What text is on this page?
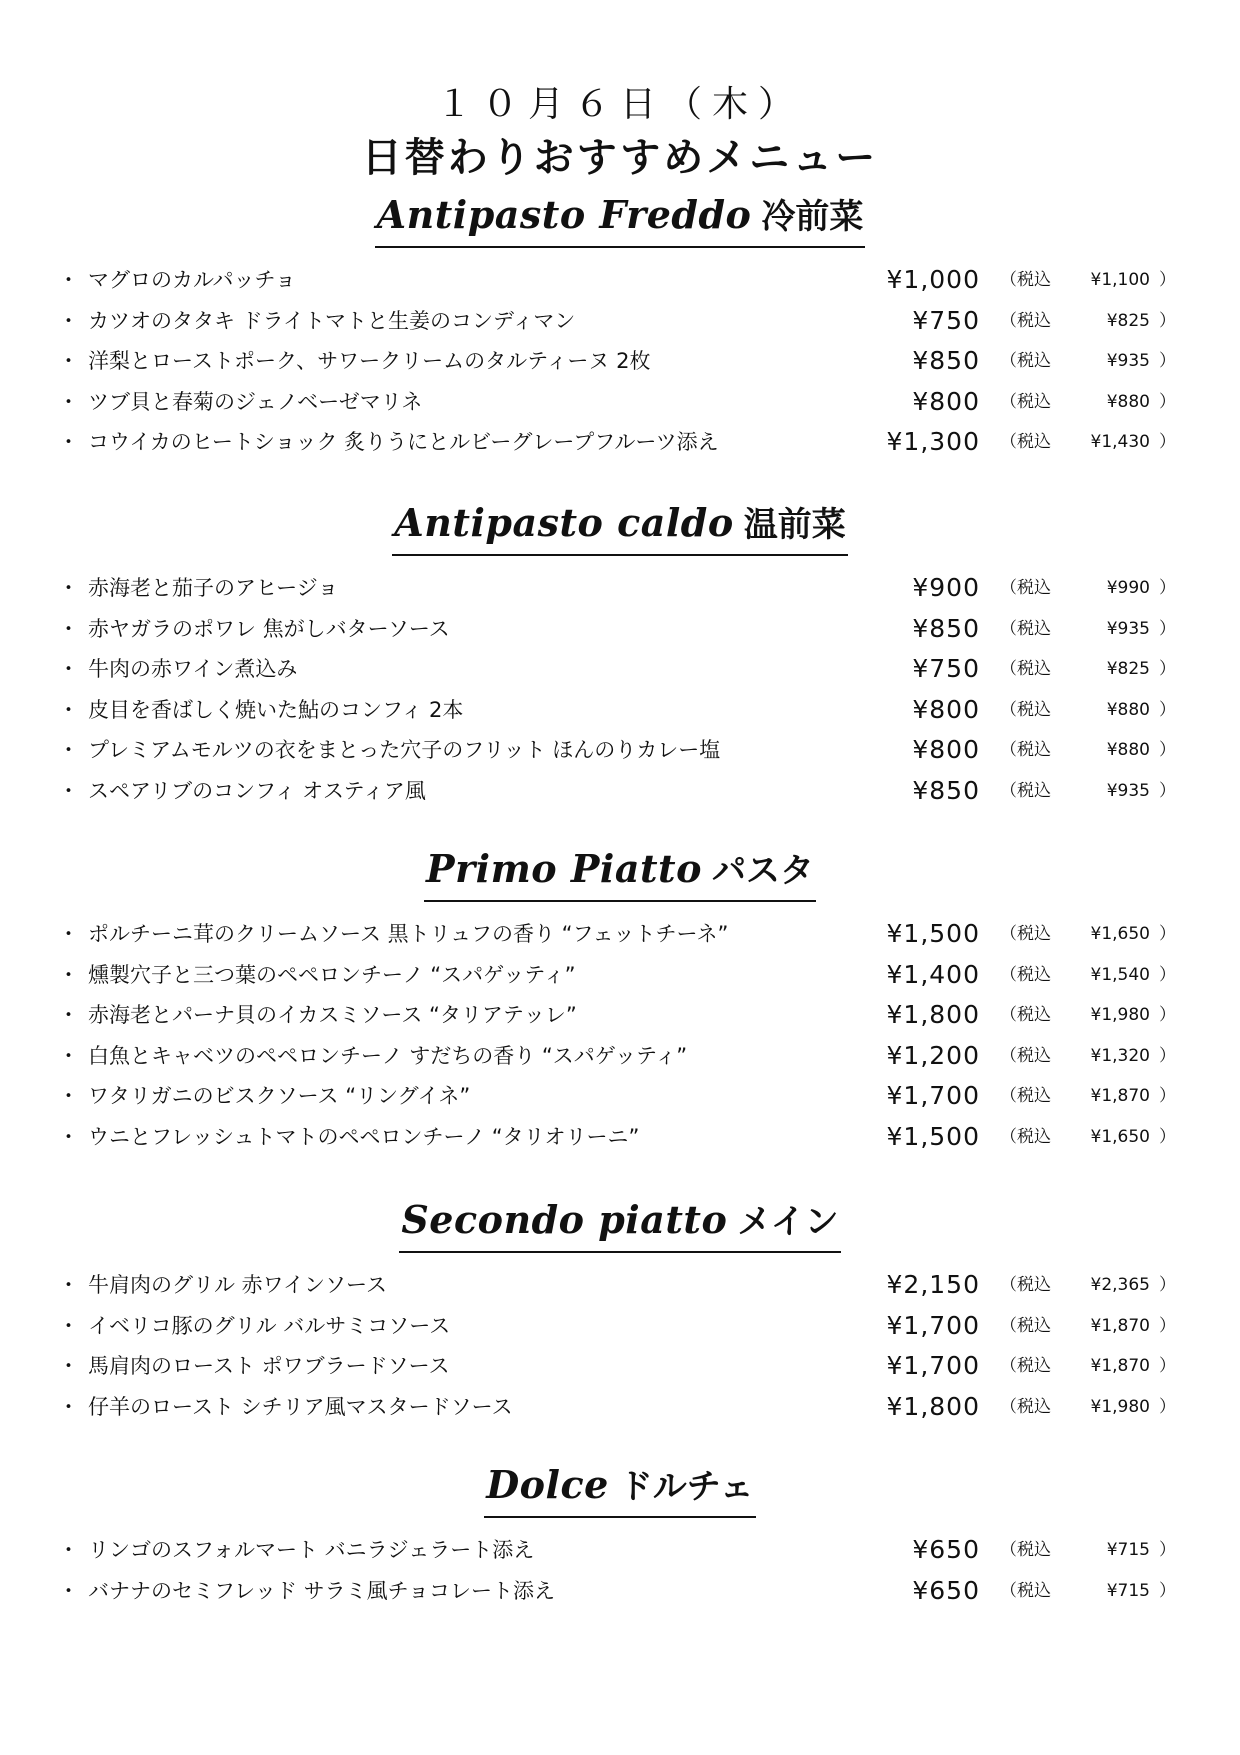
１０月６日（木）
日替わりおすすめメニュー
Antipasto Freddo 冷前菜
・ マグロのカルパッチョ	¥1,000 （税込 ¥1,100 ）
・ カツオのタタキ ドライトマトと生姜のコンディマン	¥750 （税込	¥825 ）
・ 洋梨とローストポーク、サワークリームのタルティーヌ 2枚	¥850 （税込	¥935 ）
・ ツブ貝と春菊のジェノベーゼマリネ	¥800 （税込	¥880 ）
・ コウイカのヒートショック 炙りうにとルビーグレープフルーツ添え	¥1,300 （税込 ¥1,430 ）
Antipasto caldo 温前菜
・ 赤海老と茄子のアヒージョ	¥900 （税込	¥990 ）
・ 赤ヤガラのポワレ 焦がしバターソース	¥850 （税込	¥935 ）
・ 牛肉の赤ワイン煮込み	¥750 （税込	¥825 ）
・ 皮目を香ばしく焼いた鮎のコンフィ 2本	¥800 （税込	¥880 ）
・ プレミアムモルツの衣をまとった穴子のフリット ほんのりカレー塩	¥800 （税込	¥880 ）
・ スペアリブのコンフィ オスティア風	¥850 （税込	¥935 ）
Primo Piatto パスタ
・ ポルチーニ茸のクリームソース 黒トリュフの香り “フェットチーネ”	¥1,500 （税込 ¥1,650 ）
・ 燻製穴子と三つ葉のペペロンチーノ “スパゲッティ”	¥1,400 （税込 ¥1,540 ）
・ 赤海老とパーナ貝のイカスミソース “タリアテッレ”	¥1,800 （税込 ¥1,980 ）
・ 白魚とキャベツのペペロンチーノ すだちの香り “スパゲッティ”	¥1,200 （税込 ¥1,320 ）
・ ワタリガニのビスクソース “リングイネ”	¥1,700 （税込 ¥1,870 ）
・ ウニとフレッシュトマトのペペロンチーノ “タリオリーニ”	¥1,500 （税込 ¥1,650 ）
Secondo piatto メイン
・ 牛肩肉のグリル 赤ワインソース	¥2,150 （税込 ¥2,365 ）
・ イベリコ豚のグリル バルサミコソース	¥1,700 （税込 ¥1,870 ）
・ 馬肩肉のロースト ポワブラードソース	¥1,700 （税込 ¥1,870 ）
・ 仔羊のロースト シチリア風マスタードソース	¥1,800 （税込 ¥1,980 ）
Dolce ドルチェ
・ リンゴのスフォルマート バニラジェラート添え	¥650 （税込	¥715 ）
・ バナナのセミフレッド サラミ風チョコレート添え	¥650 （税込	¥715 ）
